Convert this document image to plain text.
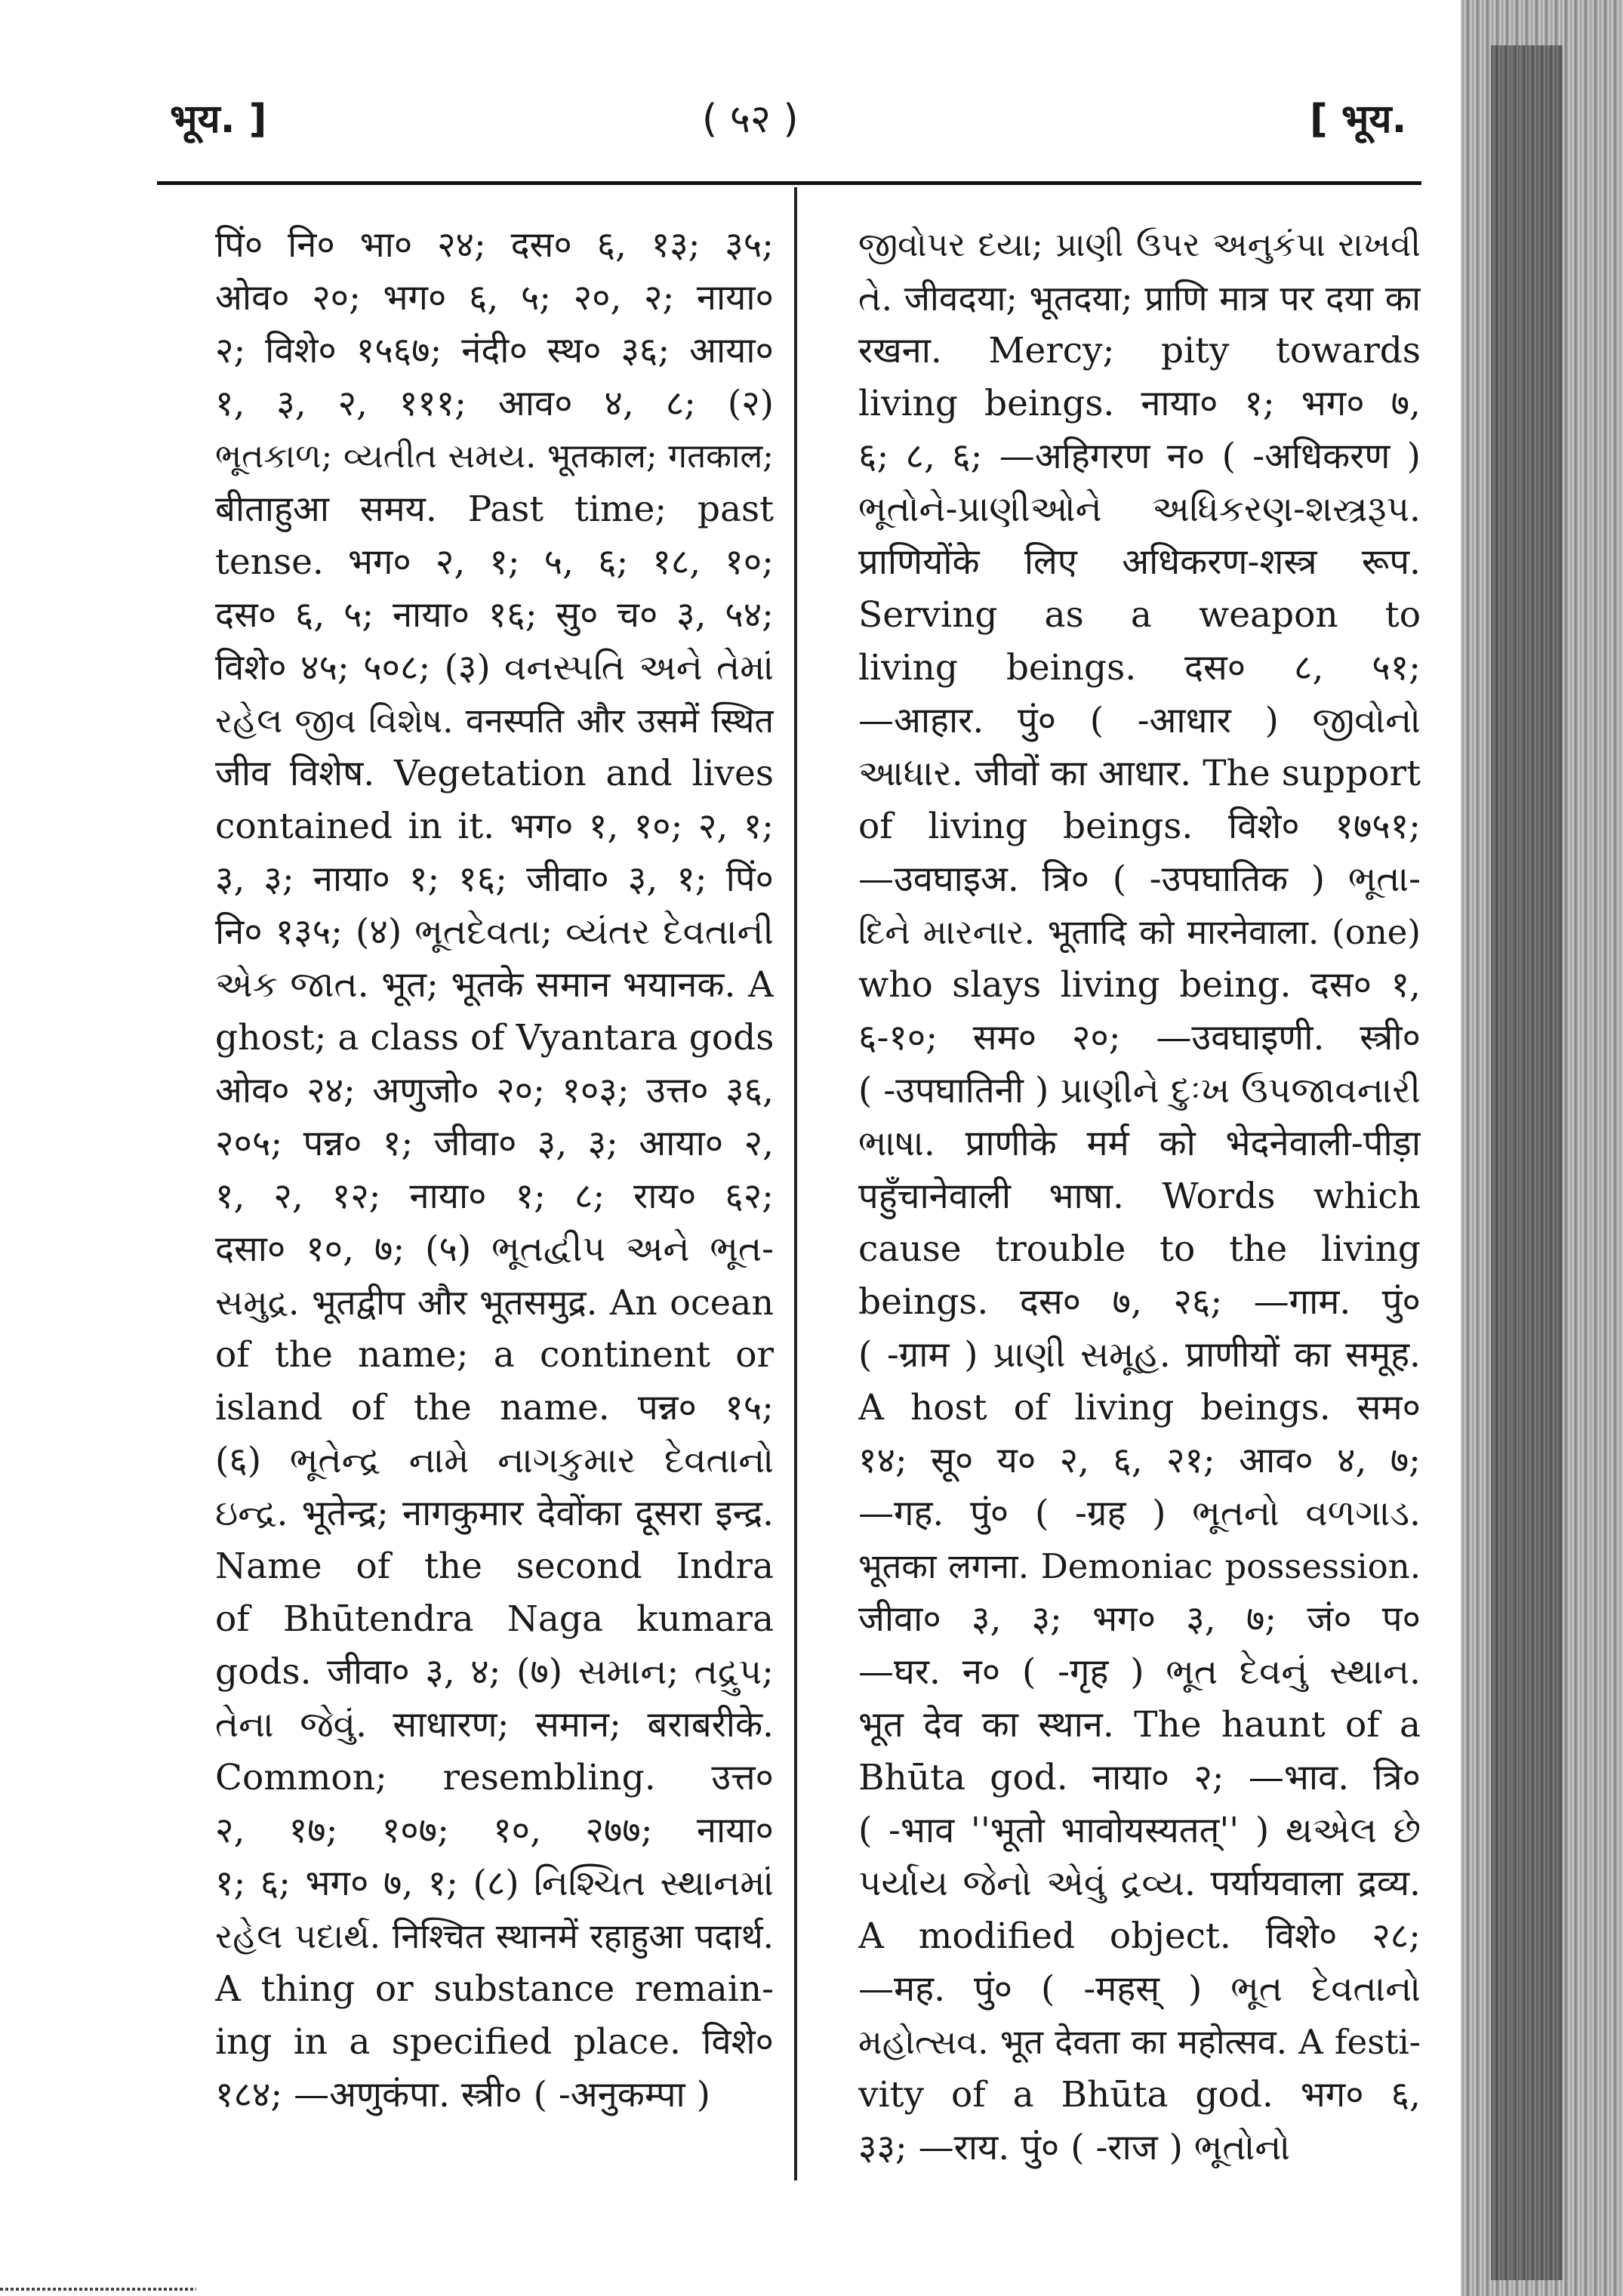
भूय. ]	( ५२ )	[ भूय.
पिं० नि० भा० २४; दस० ६, १३; ३५;
ओव० २०; भग० ६, ५; २०, २; नाया०
२; विशे० १५६७; नंदी० स्थ० ३६; आया०
१, ३, २, १११; आव० ४, ८; (२)
ભૂતકાળ; વ્યતીત સમય. भूतकाल; गतकाल;
बीताहुआ समय. Past time; past
tense. भग० २, १; ५, ६; १८, १०;
दस० ६, ५; नाया० १६; सु० च० ३, ५४;
विशे० ४५; ५०८; (३) વનસ્પતિ અને તેમાં
રહેલ જીવ વિશેષ. वनस्पति और उसमें स्थित
जीव विशेष. Vegetation and lives
contained in it. भग० १, १०; २, १;
३, ३; नाया० १; १६; जीवा० ३, १; पिं०
नि० १३५; (४) ભૂતદેવતા; વ્યંતર દેવતાની
એક જાત. भूत; भूतके समान भयानक. A
ghost; a class of Vyantara gods
ओव० २४; अणुजो० २०; १०३; उत्त० ३६,
२०५; पन्न० १; जीवा० ३, ३; आया० २,
१, २, १२; नाया० १; ८; राय० ६२;
दसा० १०, ७; (५) ભૂતદ્વીપ અને ભૂત-
સમુદ્ર. भूतद्वीप और भूतसमुद्र. An ocean
of the name; a continent or
island of the name. पन्न० १५;
(६) ભૂતેન્દ્ર નામે નાગકુમાર દેવતાનો
ઇન્દ્ર. भूतेन्द्र; नागकुमार देवोंका दूसरा इन्द्र.
Name of the second Indra
of Bhūtendra Naga kumara
gods. जीवा० ३, ४; (७) સમાન; તદ્રુપ;
તેના જેવું. साधारण; समान; बराबरीके.
Common; resembling. उत्त०
२, १७; १०७; १०, २७७; नाया०
१; ६; भग० ७, १; (८) નિશ્ચિત સ્થાનમાં
રહેલ પદાર્થ. निश्चित स्थानमें रहाहुआ पदार्थ.
A thing or substance remain-
ing in a specified place. विशे०
१८४; —अणुकंपा. स्त्री० ( -अनुकम्पा )
જીવોપર દયા; પ્રાણી ઉપર અનુકંપા રાખવી
તે. जीवदया; भूतदया; प्राणि मात्र पर दया का
रखना. Mercy; pity towards
living beings. नाया० १; भग० ७,
६; ८, ६; —अहिगरण न० ( -अधिकरण )
ભૂતોને-પ્રાણીઓને અધિકરણ-શસ્ત્રરૂપ.
प्राणियोंके लिए अधिकरण-शस्त्र रूप.
Serving as a weapon to
living beings. दस० ८, ५१;
—आहार. पुं० ( -आधार ) જીવોનો
આધાર. जीवों का आधार. The support
of living beings. विशे० १७५१;
—उवघाइअ. त्रि० ( -उपघातिक ) ભૂતા-
દિને મારનાર. भूतादि को मारनेवाला. (one)
who slays living being. दस० १,
६-१०; सम० २०; —उवघाइणी. स्त्री०
( -उपघातिनी ) પ્રાણીને દુઃખ ઉપજાવનારી
ભાષા. प्राणीके मर्म को भेदनेवाली-पीड़ा
पहुँचानेवाली भाषा. Words which
cause trouble to the living
beings. दस० ७, २६; —गाम. पुं०
( -ग्राम ) પ્રાણી સમૂહ. प्राणीयों का समूह.
A host of living beings. सम०
१४; सू० य० २, ६, २१; आव० ४, ७;
—गह. पुं० ( -ग्रह ) ભૂતનો વળગાડ.
भूतका लगना. Demoniac possession.
जीवा० ३, ३; भग० ३, ७; जं० प०
—घर. न० ( -गृह ) ભૂત દેવનું સ્થાન.
भूत देव का स्थान. The haunt of a
Bhūta god. नाया० २; —भाव. त्रि०
( -भाव ''भूतो भावोयस्यतत्'' ) થએલ છે
પર્યાય જેનો એવું દ્રવ્ય. पर्यायवाला द्रव्य.
A modified object. विशे० २८;
—मह. पुं० ( -महस् ) ભૂત દેવતાનો
મહોત્સવ. भूत देवता का महोत्सव. A festi-
vity of a Bhūta god. भग० ६,
३३; —राय. पुं० ( -राज ) ભૂતોનો
